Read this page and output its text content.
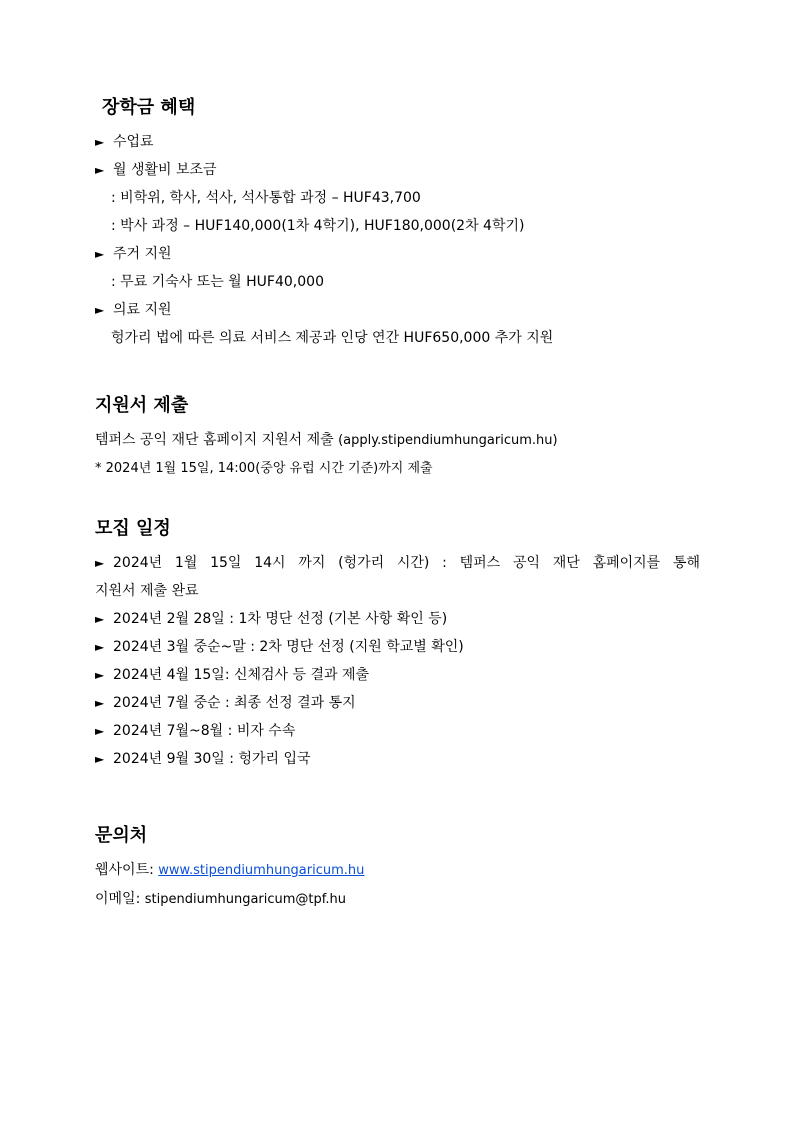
장학금 혜택
► 수업료
► 월 생활비 보조금
: 비학위, 학사, 석사, 석사통합 과정 – HUF43,700
: 박사 과정 – HUF140,000(1차 4학기), HUF180,000(2차 4학기)
► 주거 지원
: 무료 기숙사 또는 월 HUF40,000
► 의료 지원
헝가리 법에 따른 의료 서비스 제공과 인당 연간 HUF650,000 추가 지원
지원서 제출
템퍼스 공익 재단 홈페이지 지원서 제출 (apply.stipendiumhungaricum.hu)
* 2024년 1월 15일, 14:00(중앙 유럽 시간 기준)까지 제출
모집 일정
► 2024년 1월 15일 14시 까지 (헝가리 시간) : 템퍼스 공익 재단 홈페이지를 통해
지원서 제출 완료
► 2024년 2월 28일 : 1차 명단 선정 (기본 사항 확인 등)
► 2024년 3월 중순~말 : 2차 명단 선정 (지원 학교별 확인)
► 2024년 4월 15일: 신체검사 등 결과 제출
► 2024년 7월 중순 : 최종 선정 결과 통지
► 2024년 7월~8월 : 비자 수속
► 2024년 9월 30일 : 헝가리 입국
문의처
웹사이트: www.stipendiumhungaricum.hu
이메일: stipendiumhungaricum@tpf.hu
